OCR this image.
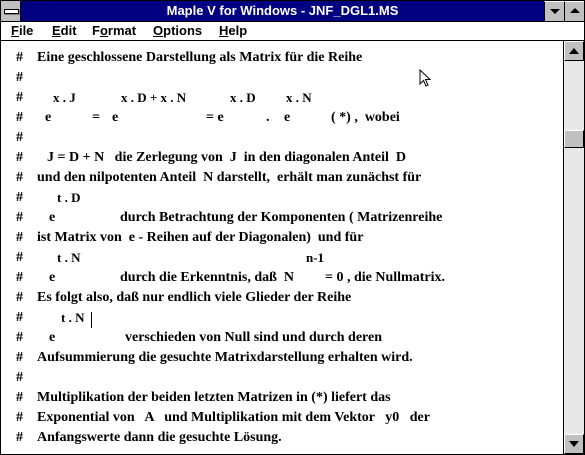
Maple V for Windows - JNF_DGL1.MS
File Edit Format Options Help

#

Eine geschlossene Darstellung als Matrix für die Reihe

#

#

x . J

	x . D + x . N

	x . D

x . N

#

e

	=

e

	= e

	.

e

	( *) ,  wobei

#

#

J = D + N   die Zerlegung von  J  in den diagonalen Anteil  D

#

und den nilpotenten Anteil  N darstellt,  erhält man zunächst für

#

	t . D

#

e

	durch Betrachtung der Komponenten ( Matrizenreihe

#

ist Matrix von  e - Reihen auf der Diagonalen)  und für

#

	t . N

	n-1

#

e

	durch die Erkenntnis, daß  N

= 0 , die Nullmatrix.

#

Es folgt also, daß nur endlich viele Glieder der Reihe

#

	t . N

#

e

	verschieden von Null sind und durch deren

#

Aufsummierung die gesuchte Matrixdarstellung erhalten wird.

#

#

Multiplikation der beiden letzten Matrizen in (*) liefert das

#

Exponential von   A   und Multiplikation mit dem Vektor   y0   der

#

Anfangswerte dann die gesuchte Lösung.
